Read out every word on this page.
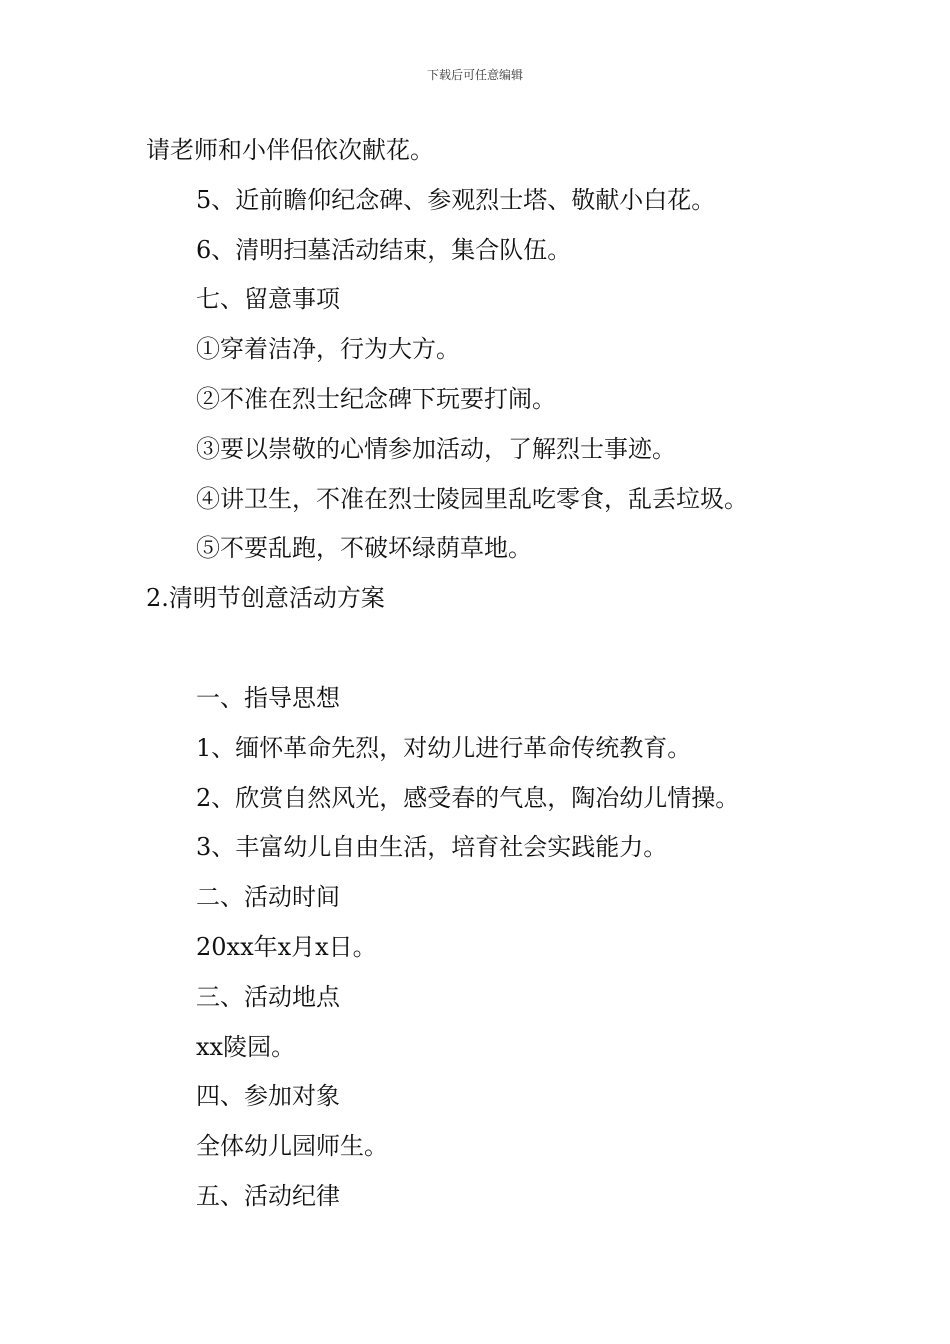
下载后可任意编辑
请老师和小伴侣依次献花。
5、近前瞻仰纪念碑、参观烈士塔、敬献小白花。
6、清明扫墓活动结束，集合队伍。
七、留意事项
①穿着洁净，行为大方。
②不准在烈士纪念碑下玩要打闹。
③要以崇敬的心情参加活动，了解烈士事迹。
④讲卫生，不准在烈士陵园里乱吃零食，乱丢垃圾。
⑤不要乱跑，不破坏绿荫草地。
2.清明节创意活动方案
一、指导思想
1、缅怀革命先烈，对幼儿进行革命传统教育。
2、欣赏自然风光，感受春的气息，陶冶幼儿情操。
3、丰富幼儿自由生活，培育社会实践能力。
二、活动时间
20xx年x月x日。
三、活动地点
xx陵园。
四、参加对象
全体幼儿园师生。
五、活动纪律
